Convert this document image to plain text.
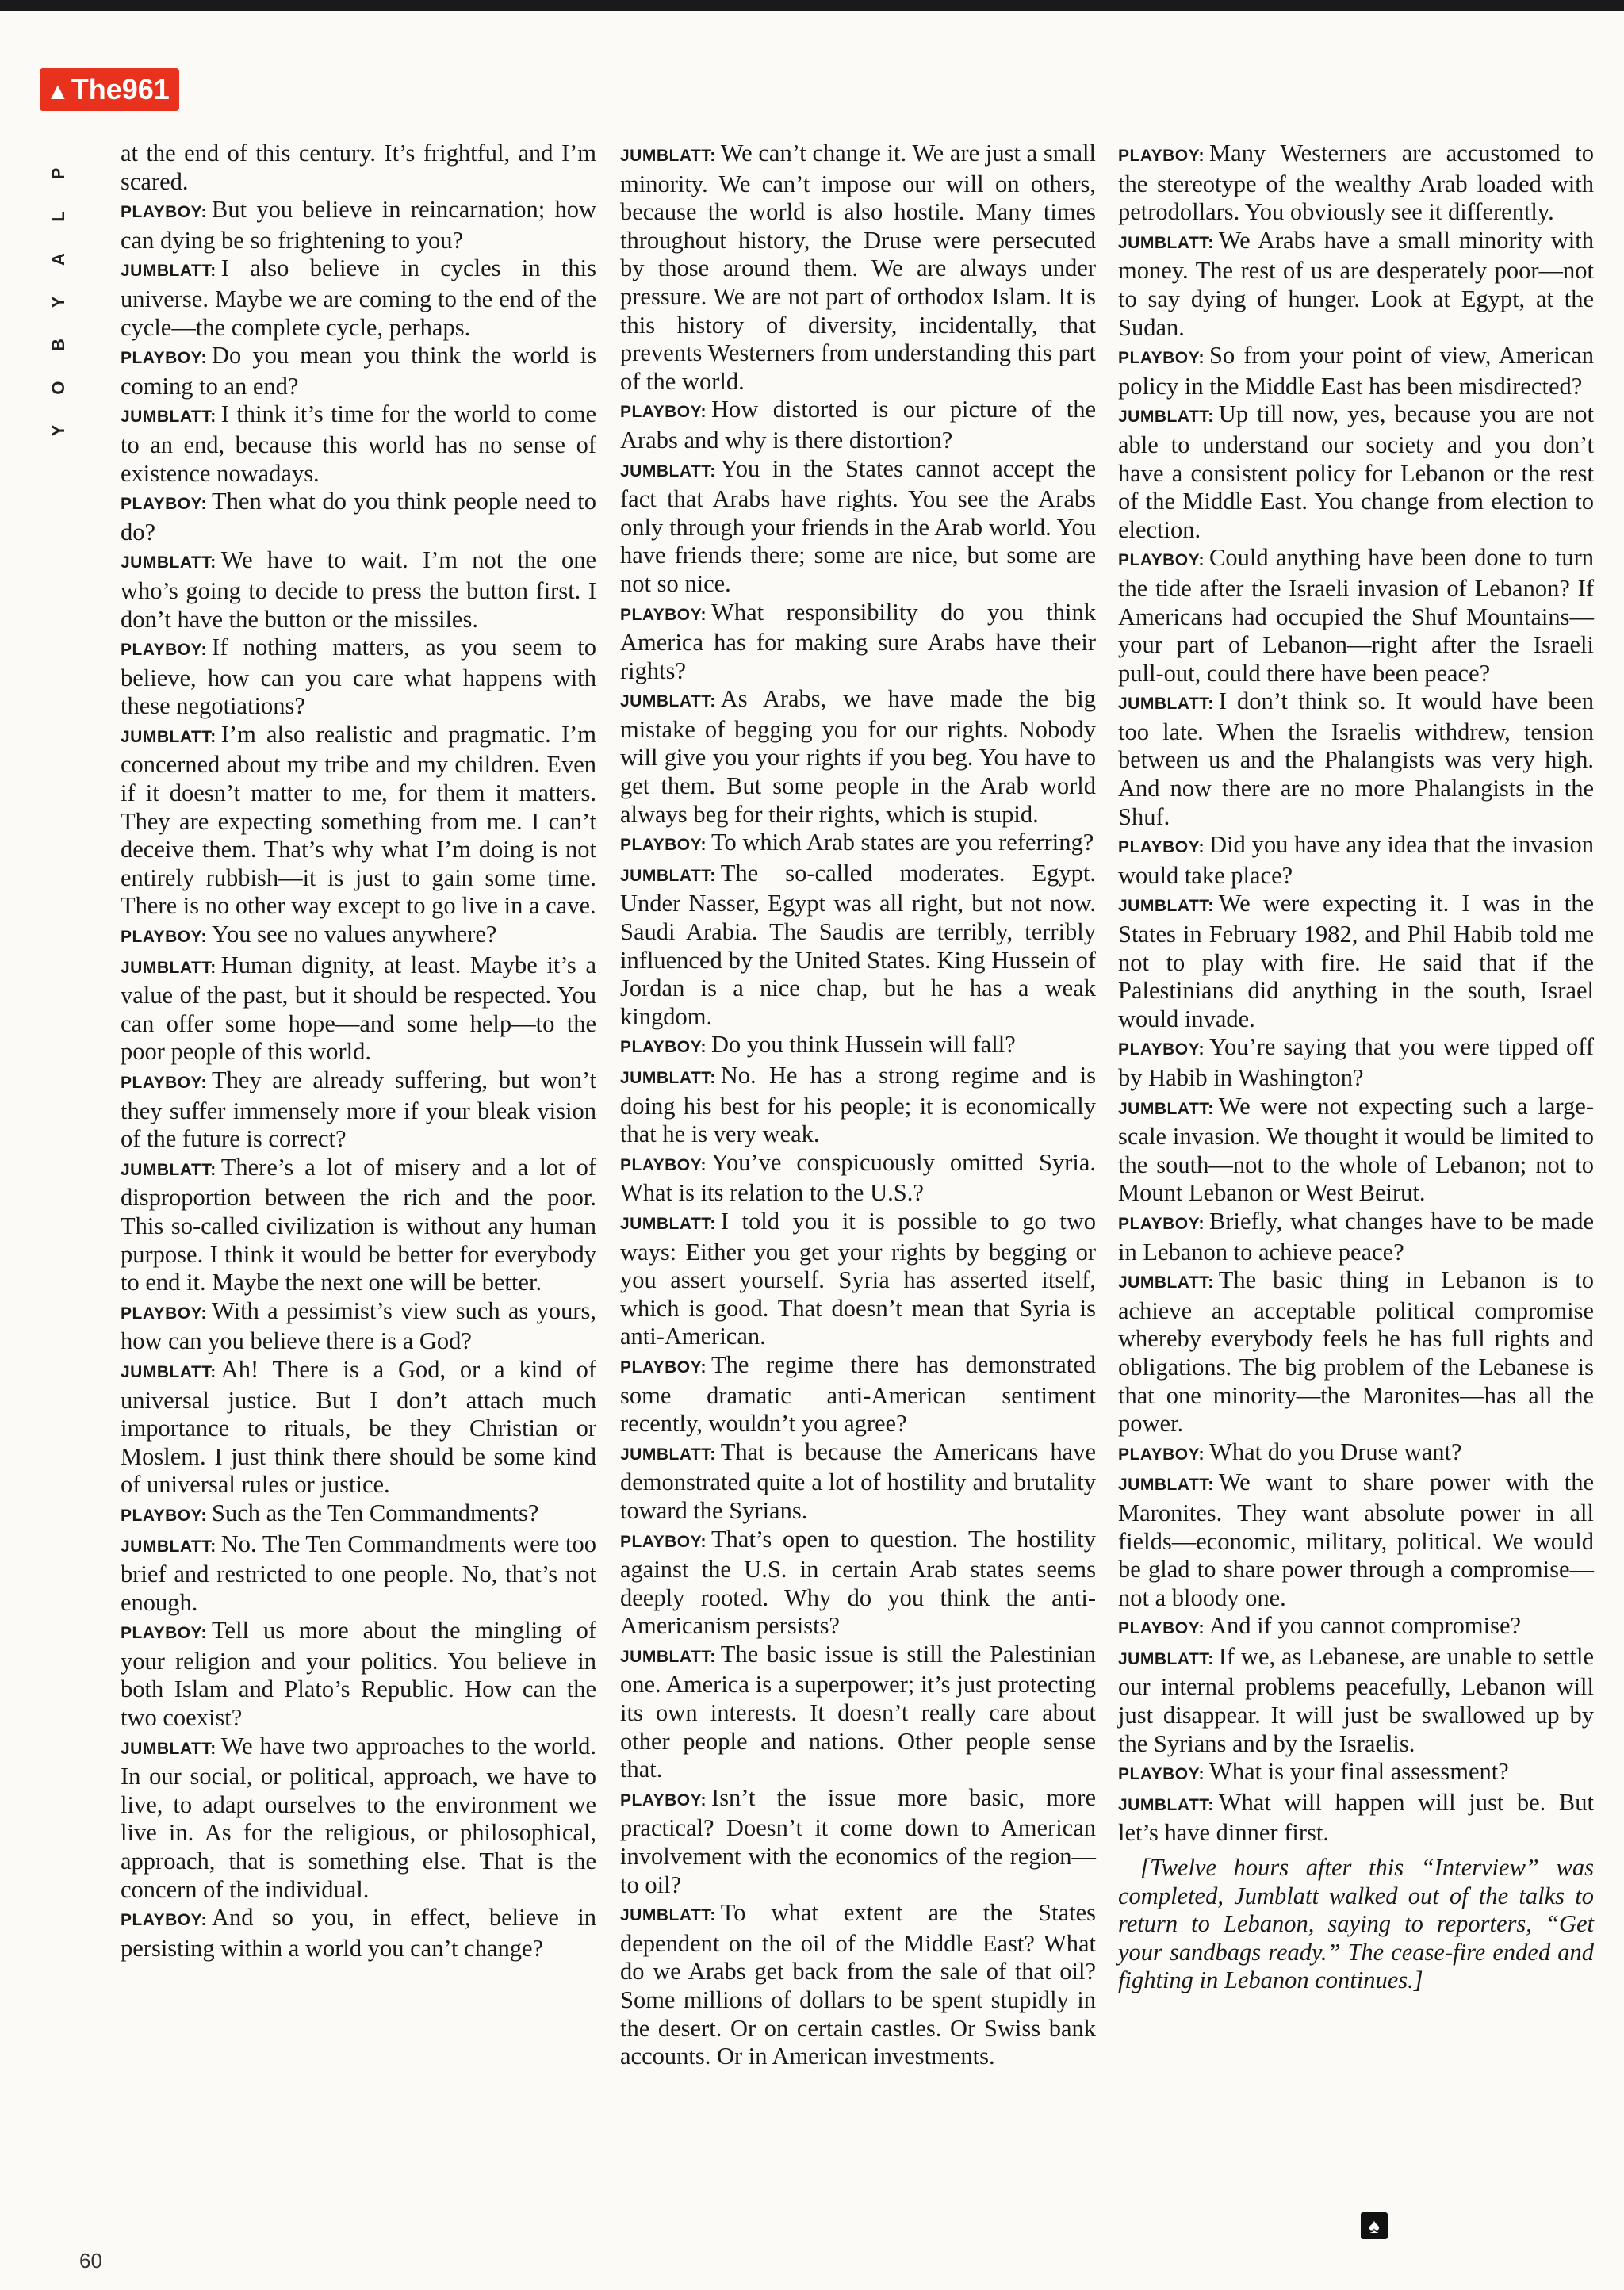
▲The961
P
L
A
Y
B
O
Y

at the end of this century. It’s frightful, and I’m scared.

PLAYBOY: But you believe in reincarnation; how can dying be so frightening to you?

JUMBLATT: I also believe in cycles in this universe. Maybe we are coming to the end of the cycle—the complete cycle, perhaps.

PLAYBOY: Do you mean you think the world is coming to an end?

JUMBLATT: I think it’s time for the world to come to an end, because this world has no sense of existence nowadays.

PLAYBOY: Then what do you think people need to do?

JUMBLATT: We have to wait. I’m not the one who’s going to decide to press the button first. I don’t have the button or the missiles.

PLAYBOY: If nothing matters, as you seem to believe, how can you care what happens with these negotiations?

JUMBLATT: I’m also realistic and pragmatic. I’m concerned about my tribe and my children. Even if it doesn’t matter to me, for them it matters. They are expecting something from me. I can’t deceive them. That’s why what I’m doing is not entirely rubbish—it is just to gain some time. There is no other way except to go live in a cave.

PLAYBOY: You see no values anywhere?

JUMBLATT: Human dignity, at least. Maybe it’s a value of the past, but it should be respected. You can offer some hope—and some help—to the poor people of this world.

PLAYBOY: They are already suffering, but won’t they suffer immensely more if your bleak vision of the future is correct?

JUMBLATT: There’s a lot of misery and a lot of disproportion between the rich and the poor. This so-called civilization is without any human purpose. I think it would be better for everybody to end it. Maybe the next one will be better.

PLAYBOY: With a pessimist’s view such as yours, how can you believe there is a God?

JUMBLATT: Ah! There is a God, or a kind of universal justice. But I don’t attach much importance to rituals, be they Christian or Moslem. I just think there should be some kind of universal rules or justice.

PLAYBOY: Such as the Ten Commandments?

JUMBLATT: No. The Ten Commandments were too brief and restricted to one people. No, that’s not enough.

PLAYBOY: Tell us more about the mingling of your religion and your politics. You believe in both Islam and Plato’s Republic. How can the two coexist?

JUMBLATT: We have two approaches to the world. In our social, or political, approach, we have to live, to adapt ourselves to the environment we live in. As for the religious, or philosophical, approach, that is something else. That is the concern of the individual.

PLAYBOY: And so you, in effect, believe in persisting within a world you can’t change?

JUMBLATT: We can’t change it. We are just a small minority. We can’t impose our will on others, because the world is also hostile. Many times throughout history, the Druse were persecuted by those around them. We are always under pressure. We are not part of orthodox Islam. It is this history of diversity, incidentally, that prevents Westerners from understanding this part of the world.

PLAYBOY: How distorted is our picture of the Arabs and why is there distortion?

JUMBLATT: You in the States cannot accept the fact that Arabs have rights. You see the Arabs only through your friends in the Arab world. You have friends there; some are nice, but some are not so nice.

PLAYBOY: What responsibility do you think America has for making sure Arabs have their rights?

JUMBLATT: As Arabs, we have made the big mistake of begging you for our rights. Nobody will give you your rights if you beg. You have to get them. But some people in the Arab world always beg for their rights, which is stupid.

PLAYBOY: To which Arab states are you referring?

JUMBLATT: The so-called moderates. Egypt. Under Nasser, Egypt was all right, but not now. Saudi Arabia. The Saudis are terribly, terribly influenced by the United States. King Hussein of Jordan is a nice chap, but he has a weak kingdom.

PLAYBOY: Do you think Hussein will fall?

JUMBLATT: No. He has a strong regime and is doing his best for his people; it is economically that he is very weak.

PLAYBOY: You’ve conspicuously omitted Syria. What is its relation to the U.S.?

JUMBLATT: I told you it is possible to go two ways: Either you get your rights by begging or you assert yourself. Syria has asserted itself, which is good. That doesn’t mean that Syria is anti-American.

PLAYBOY: The regime there has demonstrated some dramatic anti-American sentiment recently, wouldn’t you agree?

JUMBLATT: That is because the Americans have demonstrated quite a lot of hostility and brutality toward the Syrians.

PLAYBOY: That’s open to question. The hostility against the U.S. in certain Arab states seems deeply rooted. Why do you think the anti-Americanism persists?

JUMBLATT: The basic issue is still the Palestinian one. America is a superpower; it’s just protecting its own interests. It doesn’t really care about other people and nations. Other people sense that.

PLAYBOY: Isn’t the issue more basic, more practical? Doesn’t it come down to American involvement with the economics of the region—to oil?

JUMBLATT: To what extent are the States dependent on the oil of the Middle East? What do we Arabs get back from the sale of that oil? Some millions of dollars to be spent stupidly in the desert. Or on certain castles. Or Swiss bank accounts. Or in American investments.

PLAYBOY: Many Westerners are accustomed to the stereotype of the wealthy Arab loaded with petrodollars. You obviously see it differently.

JUMBLATT: We Arabs have a small minority with money. The rest of us are desperately poor—not to say dying of hunger. Look at Egypt, at the Sudan.

PLAYBOY: So from your point of view, American policy in the Middle East has been misdirected?

JUMBLATT: Up till now, yes, because you are not able to understand our society and you don’t have a consistent policy for Lebanon or the rest of the Middle East. You change from election to election.

PLAYBOY: Could anything have been done to turn the tide after the Israeli invasion of Lebanon? If Americans had occupied the Shuf Mountains—your part of Lebanon—right after the Israeli pull-out, could there have been peace?

JUMBLATT: I don’t think so. It would have been too late. When the Israelis withdrew, tension between us and the Phalangists was very high. And now there are no more Phalangists in the Shuf.

PLAYBOY: Did you have any idea that the invasion would take place?

JUMBLATT: We were expecting it. I was in the States in February 1982, and Phil Habib told me not to play with fire. He said that if the Palestinians did anything in the south, Israel would invade.

PLAYBOY: You’re saying that you were tipped off by Habib in Washington?

JUMBLATT: We were not expecting such a large-scale invasion. We thought it would be limited to the south—not to the whole of Lebanon; not to Mount Lebanon or West Beirut.

PLAYBOY: Briefly, what changes have to be made in Lebanon to achieve peace?

JUMBLATT: The basic thing in Lebanon is to achieve an acceptable political compromise whereby everybody feels he has full rights and obligations. The big problem of the Lebanese is that one minority—the Maronites—has all the power.

PLAYBOY: What do you Druse want?

JUMBLATT: We want to share power with the Maronites. They want absolute power in all fields—economic, military, political. We would be glad to share power through a compromise—not a bloody one.

PLAYBOY: And if you cannot compromise?

JUMBLATT: If we, as Lebanese, are unable to settle our internal problems peacefully, Lebanon will just disappear. It will just be swallowed up by the Syrians and by the Israelis.

PLAYBOY: What is your final assessment?

JUMBLATT: What will happen will just be. But let’s have dinner first.

[Twelve hours after this “Interview” was completed, Jumblatt walked out of the talks to return to Lebanon, saying to reporters, “Get your sandbags ready.” The cease-fire ended and fighting in Lebanon continues.]

60
♠
